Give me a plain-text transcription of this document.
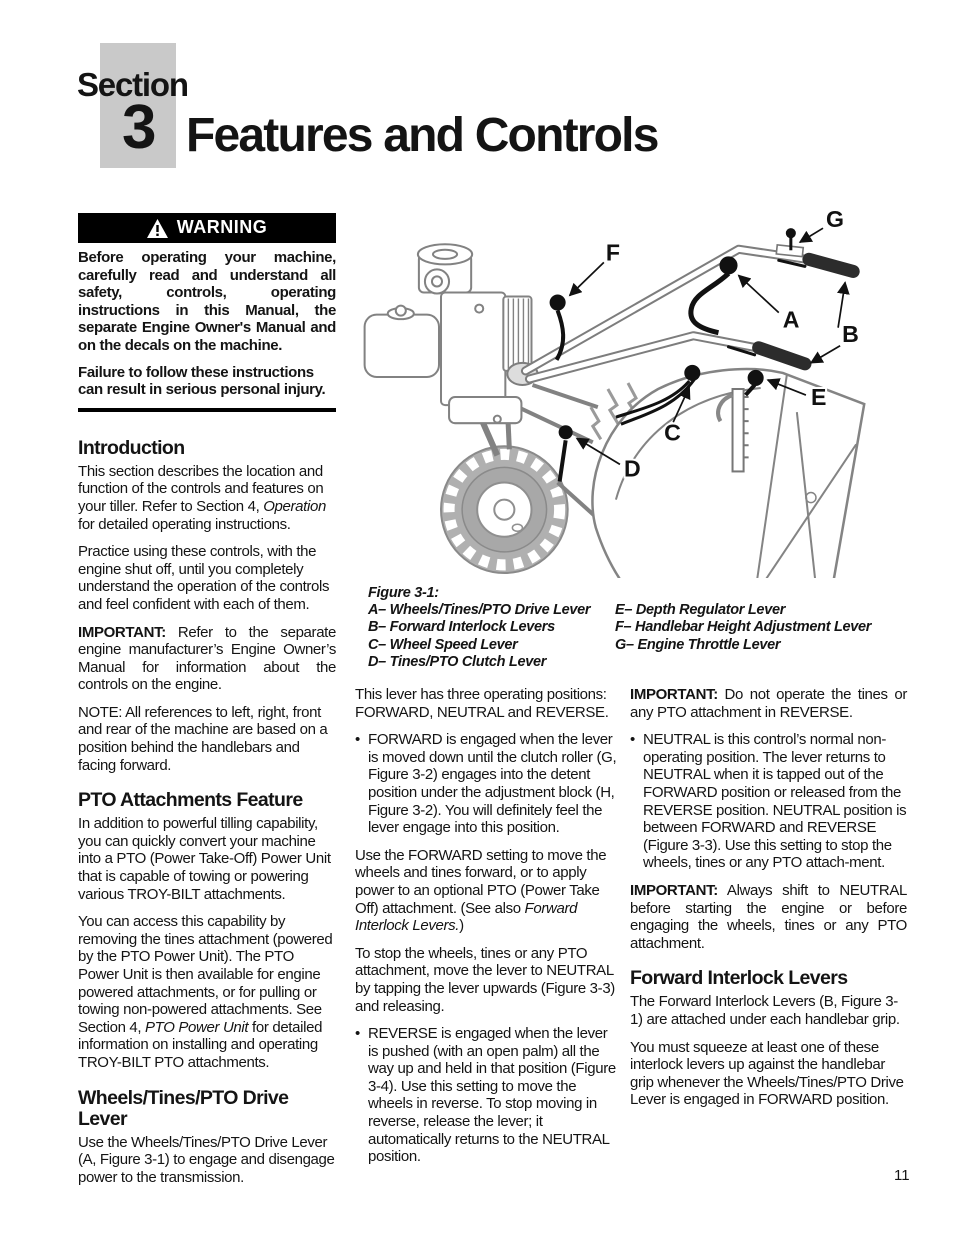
Section
3 Features and Controls
WARNING

Before operating your machine, carefully read and understand all safety, controls, operating instructions in this Manual, the separate Engine Owner's Manual and on the decals on the machine.

Failure to follow these instructions can result in serious personal injury.

Introduction

This section describes the location and function of the controls and features on your tiller. Refer to Section 4, Operation for detailed operating instructions.

Practice using these controls, with the engine shut off, until you completely understand the operation of the controls and feel confident with each of them.

IMPORTANT: Refer to the separate engine manufacturer’s Engine Owner’s Manual for information about the controls on the engine.

NOTE: All references to left, right, front and rear of the machine are based on a position behind the handlebars and facing forward.

PTO Attachments Feature

In addition to powerful tilling capability, you can quickly convert your machine into a PTO (Power Take-Off) Power Unit that is capable of towing or powering various TROY-BILT attachments.

You can access this capability by removing the tines attachment (powered by the PTO Power Unit). The PTO Power Unit is then available for engine powered attachments, or for pulling or towing non-powered attachments. See Section 4, PTO Power Unit for detailed information on installing and operating TROY-BILT PTO attachments.

Wheels/Tines/PTO Drive Lever

Use the Wheels/Tines/PTO Drive Lever (A, Figure 3-1) to engage and disengage power to the transmission.

G
F
A
B
E
C
D
Figure 3-1:
A– Wheels/Tines/PTO Drive Lever
B– Forward Interlock Levers
C– Wheel Speed Lever
D– Tines/PTO Clutch Lever
E– Depth Regulator Lever
F– Handlebar Height Adjustment Lever
G– Engine Throttle Lever

This lever has three operating positions: FORWARD, NEUTRAL and REVERSE.

• FORWARD is engaged when the lever is moved down until the clutch roller (G, Figure 3-2) engages into the detent position under the adjustment block (H, Figure 3-2). You will definitely feel the lever engage into this position.

Use the FORWARD setting to move the wheels and tines forward, or to apply power to an optional PTO (Power Take Off) attachment. (See also Forward Interlock Levers.)

To stop the wheels, tines or any PTO attachment, move the lever to NEUTRAL by tapping the lever upwards (Figure 3-3) and releasing.

• REVERSE is engaged when the lever is pushed (with an open palm) all the way up and held in that position (Figure 3-4). Use this setting to move the wheels in reverse. To stop moving in reverse, release the lever; it automatically returns to the NEUTRAL position.

IMPORTANT: Do not operate the tines or any PTO attachment in REVERSE.

• NEUTRAL is this control’s normal non-operating position. The lever returns to NEUTRAL when it is tapped out of the FORWARD position or released from the REVERSE position. NEUTRAL position is between FORWARD and REVERSE (Figure 3-3). Use this setting to stop the wheels, tines or any PTO attach-ment.

IMPORTANT: Always shift to NEUTRAL before starting the engine or before engaging the wheels, tines or any PTO attachment.

Forward Interlock Levers

The Forward Interlock Levers (B, Figure 3-1) are attached under each handlebar grip.

You must squeeze at least one of these interlock levers up against the handlebar grip whenever the Wheels/Tines/PTO Drive Lever is engaged in FORWARD position.

11
